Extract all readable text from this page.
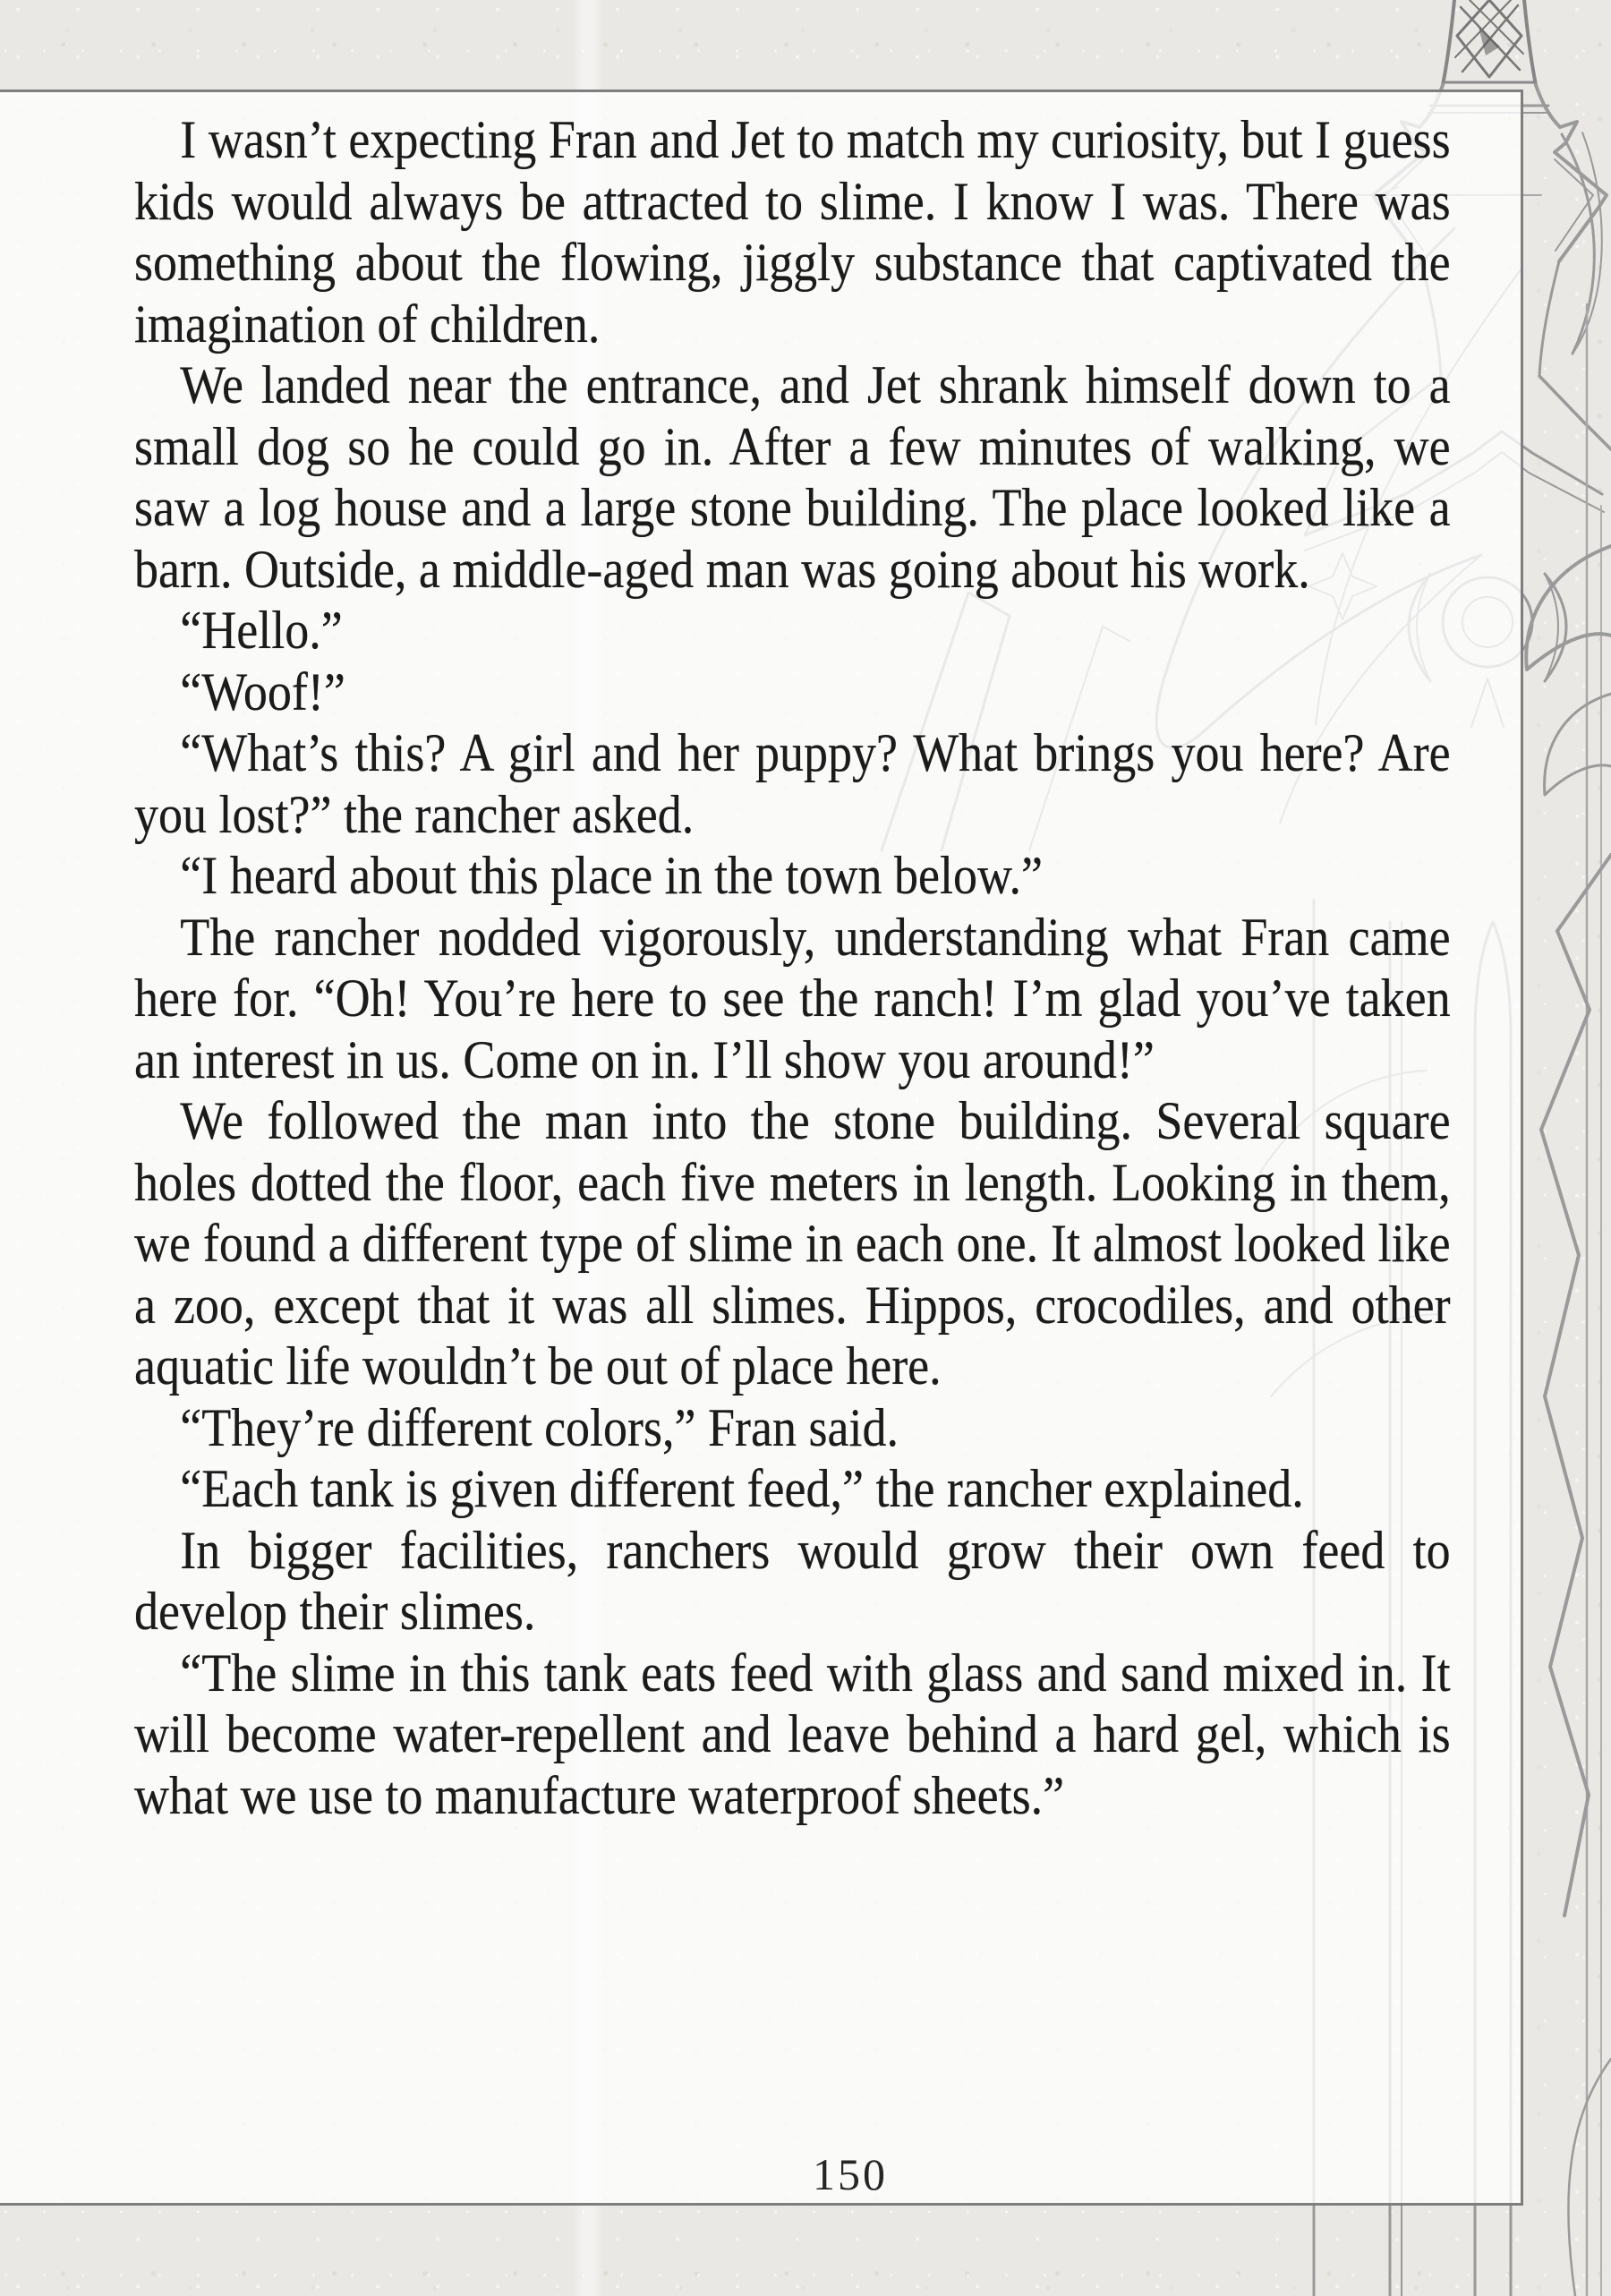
I wasn’t expecting Fran and Jet to match my curiosity, but I guess kids would always be attracted to slime. I know I was. There was something about the flowing, jiggly substance that captivated the imagination of children.

We landed near the entrance, and Jet shrank himself down to a small dog so he could go in. After a few minutes of walking, we saw a log house and a large stone building. The place looked like a barn. Outside, a middle-aged man was going about his work.

“Hello.”

“Woof!”

“What’s this? A girl and her puppy? What brings you here? Are you lost?” the rancher asked.

“I heard about this place in the town below.”

The rancher nodded vigorously, understanding what Fran came here for. “Oh! You’re here to see the ranch! I’m glad you’ve taken an interest in us. Come on in. I’ll show you around!”

We followed the man into the stone building. Several square holes dotted the floor, each five meters in length. Looking in them, we found a different type of slime in each one. It almost looked like a zoo, except that it was all slimes. Hippos, crocodiles, and other aquatic life wouldn’t be out of place here.

“They’re different colors,” Fran said.

“Each tank is given different feed,” the rancher explained.

In bigger facilities, ranchers would grow their own feed to develop their slimes.

“The slime in this tank eats feed with glass and sand mixed in. It will become water-repellent and leave behind a hard gel, which is what we use to manufacture waterproof sheets.”

150
